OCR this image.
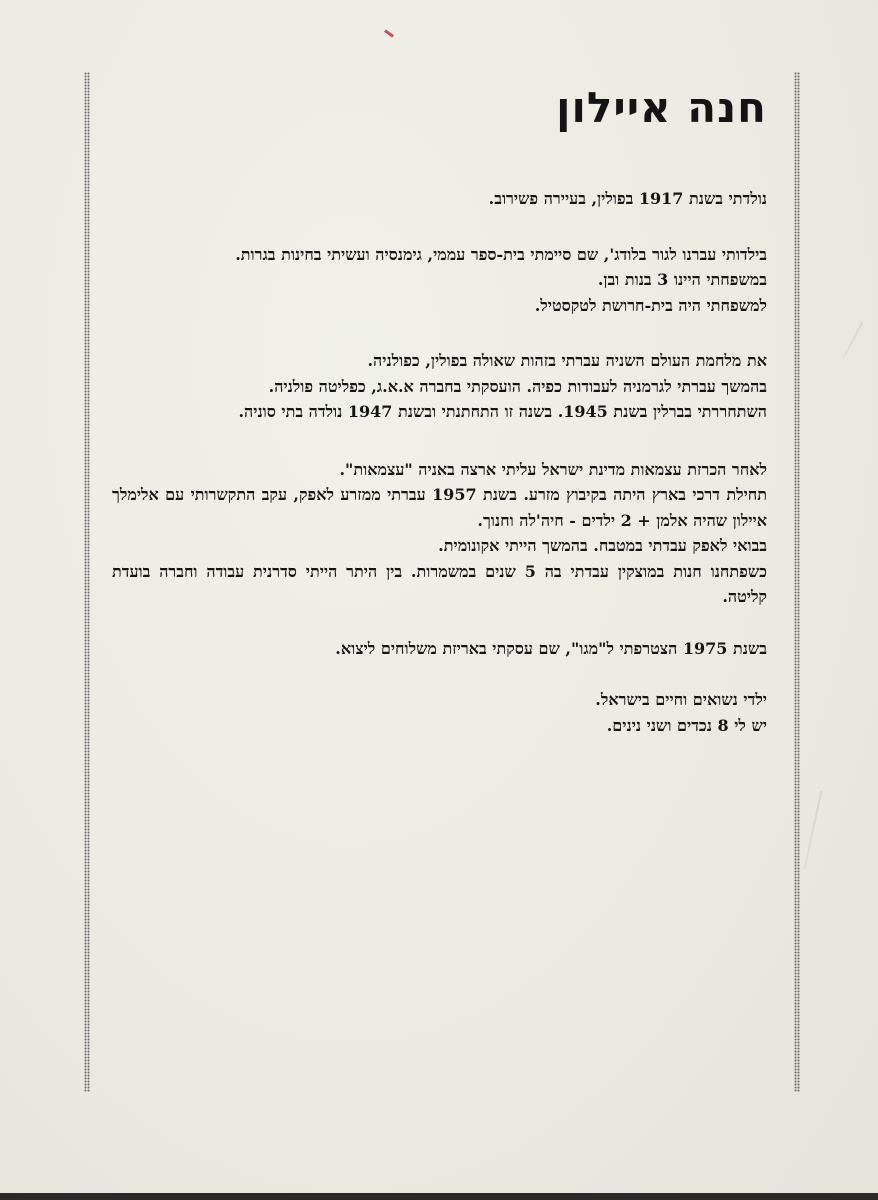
חנה איילון
נולדתי בשנת 1917 בפולין, בעיירה פשירוב.
בילדותי עברנו לגור בלודג', שם סיימתי בית-ספר עממי, גימנסיה ועשיתי בחינות בגרות.
במשפחתי היינו 3 בנות ובן.
למשפחתי היה בית-חרושת לטקסטיל.
את מלחמת העולם השניה עברתי בזהות שאולה בפולין, כפולניה.
בהמשך עברתי לגרמניה לעבודות כפיה. הועסקתי בחברה א.א.ג, כפליטה פולניה.
השתחררתי בברלין בשנת 1945. בשנה זו התחתנתי ובשנת 1947 נולדה בתי סוניה.
לאחר הכרזת עצמאות מדינת ישראל עליתי ארצה באניה "עצמאות".
תחילת דרכי בארץ היתה בקיבוץ מזרע. בשנת 1957 עברתי ממזרע לאפק, עקב התקשרותי עם אלימלך איילון שהיה אלמן + 2 ילדים - חיה'לה וחנוך.
בבואי לאפק עבדתי במטבח. בהמשך הייתי אקונומית.
כשפתחנו חנות במוצקין עבדתי בה 5 שנים במשמרות. בין היתר הייתי סדרנית עבודה וחברה בועדת קליטה.
בשנת 1975 הצטרפתי ל"מגו", שם עסקתי באריזת משלוחים ליצוא.
ילדי נשואים וחיים בישראל.
יש לי 8 נכדים ושני נינים.
